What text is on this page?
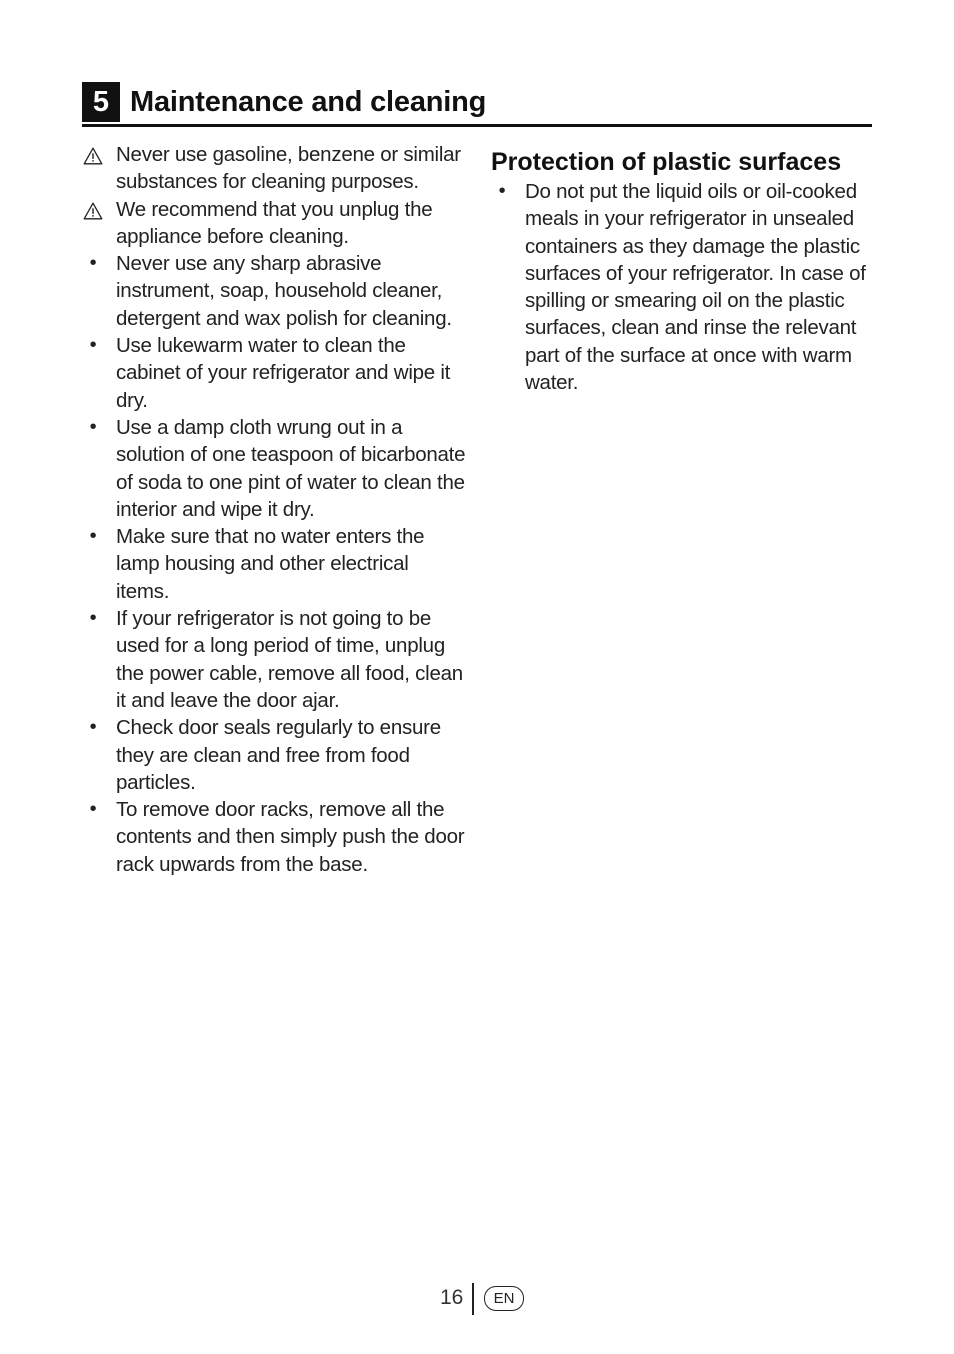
5 Maintenance and cleaning
Never use gasoline, benzene or similar substances for cleaning purposes.
We recommend that you unplug the appliance before cleaning.
• Never use any sharp abrasive instrument, soap, household cleaner, detergent and wax polish for cleaning.
• Use lukewarm water to clean the cabinet of your refrigerator and wipe it dry.
• Use a damp cloth wrung out in a solution of one teaspoon of bicarbonate of soda to one pint of water to clean the interior and wipe it dry.
• Make sure that no water enters the lamp housing and other electrical items.
• If your refrigerator is not going to be used for a long period of time, unplug the power cable, remove all food, clean it and leave the door ajar.
• Check door seals regularly to ensure they are clean and free from food particles.
• To remove door racks, remove all the contents and then simply push the door rack upwards from the base.
Protection of plastic surfaces
• Do not put the liquid oils or oil-cooked meals in your refrigerator in unsealed containers as they damage the plastic surfaces of your refrigerator. In case of spilling or smearing oil on the plastic surfaces, clean and rinse the relevant part of the surface at once with warm water.
16	EN
